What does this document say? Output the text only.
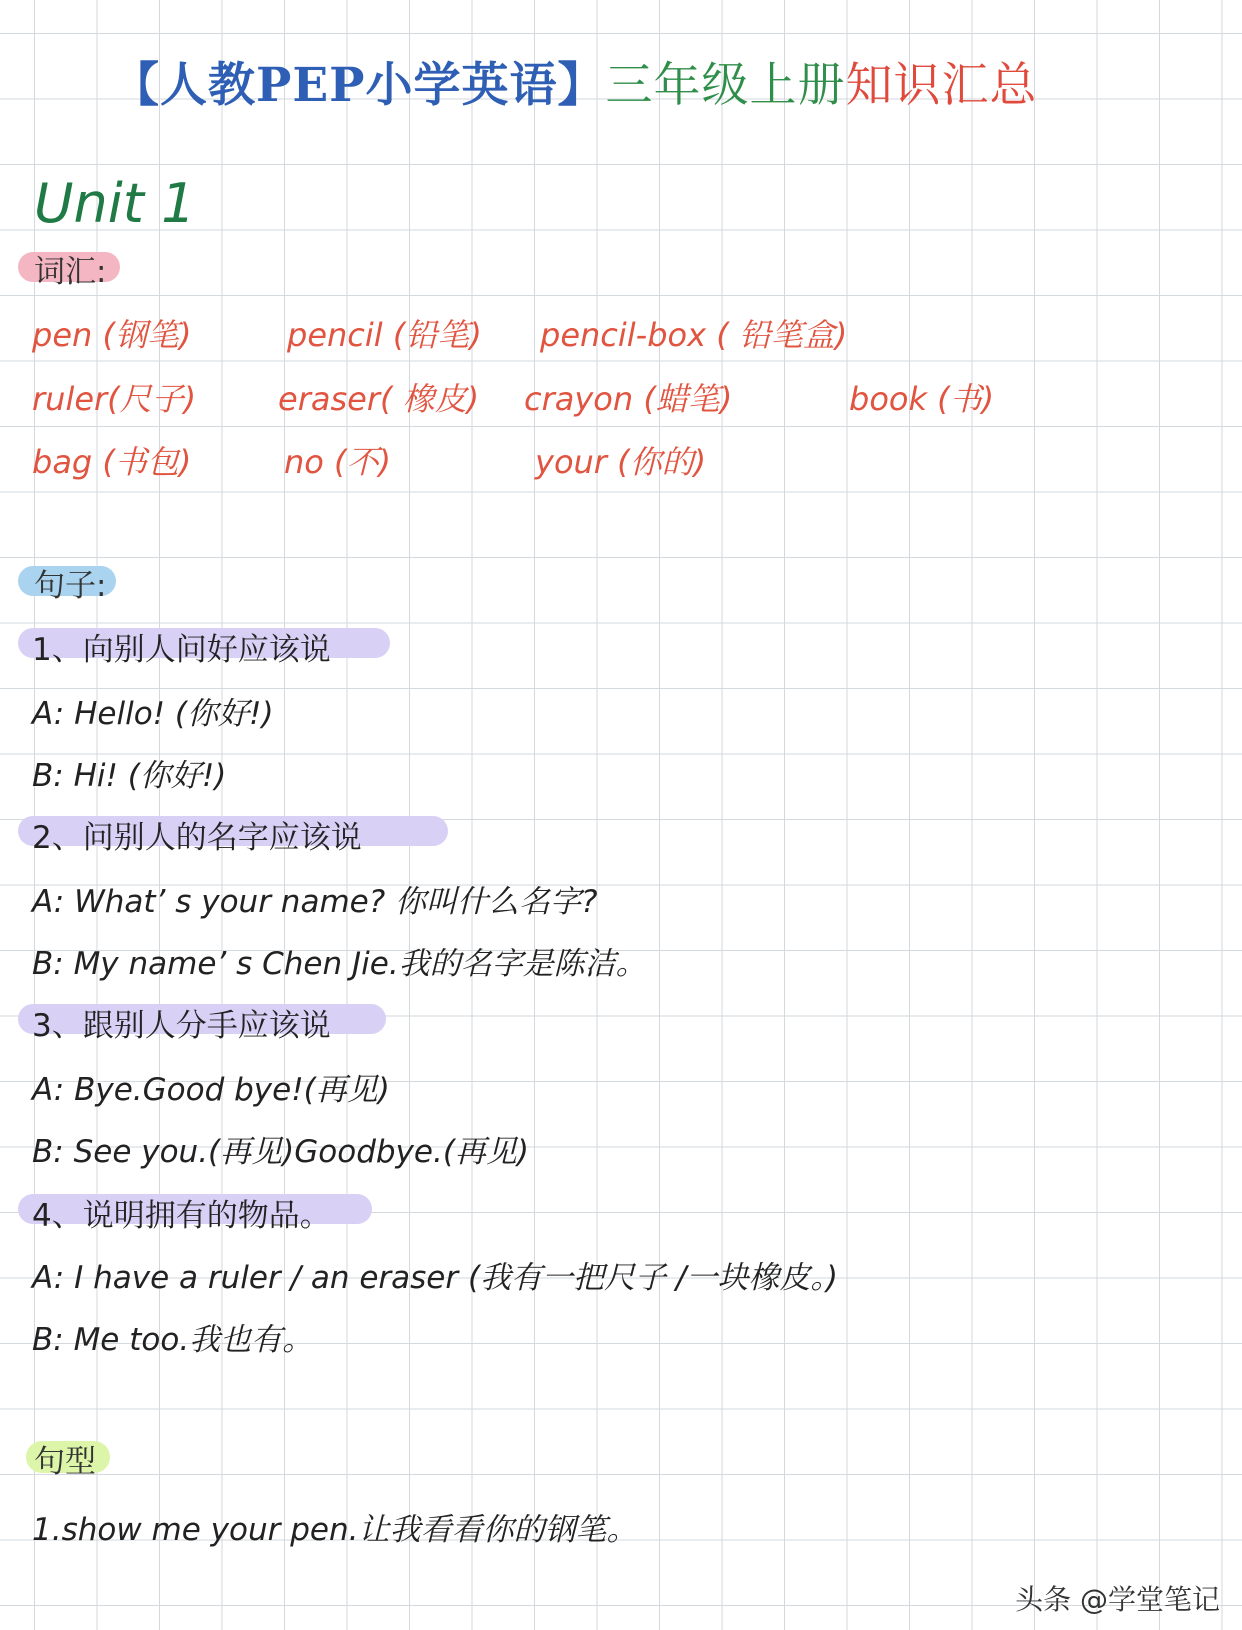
【人教PEP小学英语】三年级上册知识汇总
Unit 1
词汇:
pen (钢笔)	pencil (铅笔) pencil-box ( 铅笔盒)
ruler(尺子)	eraser( 橡皮) crayon (蜡笔)	book (书)
bag (书包)	no (不)	your (你的)
句子:
1、向别人问好应该说
A: Hello! (你好!)
B: Hi! (你好!)
2、问别人的名字应该说
A: What’ s your name? 你叫什么名字?
B: My name’ s Chen Jie.我的名字是陈洁。
3、跟别人分手应该说
A: Bye.Good bye!(再见)
B: See you.(再见)Goodbye.(再见)
4、说明拥有的物品。
A: I have a ruler / an eraser (我有一把尺子 /一块橡皮。)
B: Me too.我也有。
句型
1.show me your pen.让我看看你的钢笔。
头条 @学堂笔记
